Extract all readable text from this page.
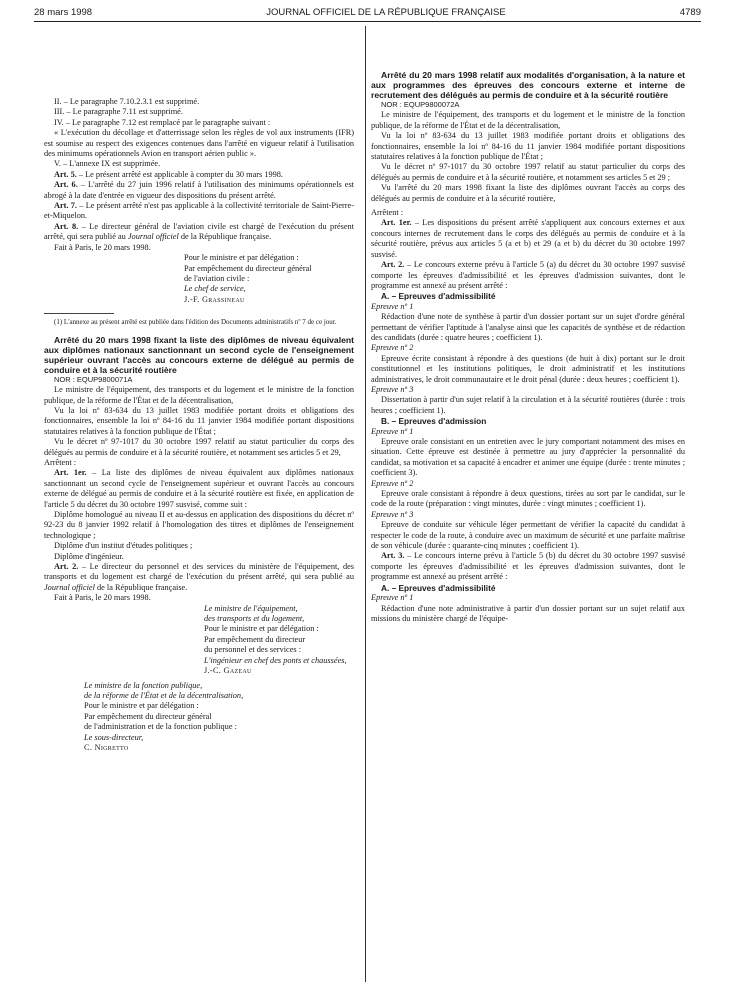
28 mars 1998	JOURNAL OFFICIEL DE LA RÉPUBLIQUE FRANÇAISE	4789

II. – Le paragraphe 7.10.2.3.1 est supprimé.

III. – Le paragraphe 7.11 est supprimé.

IV. – Le paragraphe 7.12 est remplacé par le paragraphe suivant :

« L'exécution du décollage et d'atterrissage selon les règles de vol aux instruments (IFR) est soumise au respect des exigences contenues dans l'arrêté en vigueur relatif à l'utilisation des minimums opérationnels Avion en transport aérien public ».

V. – L'annexe IX est supprimée.

Art. 5. – Le présent arrêté est applicable à compter du 30 mars 1998.

Art. 6. – L'arrêté du 27 juin 1996 relatif à l'utilisation des minimums opérationnels est abrogé à la date d'entrée en vigueur des dispositions du présent arrêté.

Art. 7. – Le présent arrêté n'est pas applicable à la collectivité territoriale de Saint-Pierre-et-Miquelon.

Art. 8. – Le directeur général de l'aviation civile est chargé de l'exécution du présent arrêté, qui sera publié au Journal officiel de la République française.

Fait à Paris, le 20 mars 1998.

Pour le ministre et par délégation :

Par empêchement du directeur général

de l'aviation civile :

Le chef de service,

J.-F. Grassineau

(1) L'annexe au présent arrêté est publiée dans l'édition des Documents administratifs nº 7 de ce jour.

Arrêté du 20 mars 1998 fixant la liste des diplômes de niveau équivalent aux diplômes nationaux sanctionnant un second cycle de l'enseignement supérieur ouvrant l'accès au concours externe de délégué au permis de conduire et à la sécurité routière

NOR : EQUP9800071A

Le ministre de l'équipement, des transports et du logement et le ministre de la fonction publique, de la réforme de l'État et de la décentralisation,

Vu la loi nº 83-634 du 13 juillet 1983 modifiée portant droits et obligations des fonctionnaires, ensemble la loi nº 84-16 du 11 janvier 1984 modifiée portant dispositions statutaires relatives à la fonction publique de l'État ;

Vu le décret nº 97-1017 du 30 octobre 1997 relatif au statut particulier du corps des délégués au permis de conduire et à la sécurité routière, et notamment ses articles 5 et 29,

Arrêtent :

Art. 1er. – La liste des diplômes de niveau équivalent aux diplômes nationaux sanctionnant un second cycle de l'enseignement supérieur et ouvrant l'accès au concours externe de délégué au permis de conduire et à la sécurité routière est fixée, en application de l'article 5 du décret du 30 octobre 1997 susvisé, comme suit :

Diplôme homologué au niveau II et au-dessus en application des dispositions du décret nº 92-23 du 8 janvier 1992 relatif à l'homologation des titres et diplômes de l'enseignement technologique ;

Diplôme d'un institut d'études politiques ;

Diplôme d'ingénieur.

Art. 2. – Le directeur du personnel et des services du ministère de l'équipement, des transports et du logement est chargé de l'exécution du présent arrêté, qui sera publié au Journal officiel de la République française.

Fait à Paris, le 20 mars 1998.

Le ministre de l'équipement,

des transports et du logement,

Pour le ministre et par délégation :

Par empêchement du directeur

du personnel et des services :

L'ingénieur en chef des ponts et chaussées,

J.-C. Gazeau

Le ministre de la fonction publique,

de la réforme de l'État et de la décentralisation,

Pour le ministre et par délégation :

Par empêchement du directeur général

de l'administration et de la fonction publique :

Le sous-directeur,

C. Nigretto

Arrêté du 20 mars 1998 relatif aux modalités d'organisation, à la nature et aux programmes des épreuves des concours externe et interne de recrutement des délégués au permis de conduire et à la sécurité routière

NOR : EQUP9800072A

Le ministre de l'équipement, des transports et du logement et le ministre de la fonction publique, de la réforme de l'État et de la décentralisation,

Vu la loi nº 83-634 du 13 juillet 1983 modifiée portant droits et obligations des fonctionnaires, ensemble la loi nº 84-16 du 11 janvier 1984 modifiée portant dispositions statutaires relatives à la fonction publique de l'État ;

Vu le décret nº 97-1017 du 30 octobre 1997 relatif au statut particulier du corps des délégués au permis de conduire et à la sécurité routière, et notamment ses articles 5 et 29 ;

Vu l'arrêté du 20 mars 1998 fixant la liste des diplômes ouvrant l'accès au corps des délégués au permis de conduire et à la sécurité routière,

Arrêtent :

Art. 1er. – Les dispositions du présent arrêté s'appliquent aux concours externes et aux concours internes de recrutement dans le corps des délégués au permis de conduire et à la sécurité routière, prévus aux articles 5 (a et b) et 29 (a et b) du décret du 30 octobre 1997 susvisé.

Art. 2. – Le concours externe prévu à l'article 5 (a) du décret du 30 octobre 1997 susvisé comporte les épreuves d'admissibilité et les épreuves d'admission suivantes, dont le programme est annexé au présent arrêté :

A. – Epreuves d'admissibilité

Epreuve nº 1

Rédaction d'une note de synthèse à partir d'un dossier portant sur un sujet d'ordre général permettant de vérifier l'aptitude à l'analyse ainsi que les capacités de synthèse et de rédaction des candidats (durée : quatre heures ; coefficient 1).

Epreuve nº 2

Epreuve écrite consistant à répondre à des questions (de huit à dix) portant sur le droit constitutionnel et les institutions politiques, le droit administratif et les institutions administratives, le droit communautaire et le droit pénal (durée : deux heures ; coefficient 1).

Epreuve nº 3

Dissertation à partir d'un sujet relatif à la circulation et à la sécurité routières (durée : trois heures ; coefficient 1).

B. – Epreuves d'admission

Epreuve nº 1

Epreuve orale consistant en un entretien avec le jury comportant notamment des mises en situation. Cette épreuve est destinée à permettre au jury d'apprécier la personnalité du candidat, sa motivation et sa capacité à encadrer et animer une équipe (durée : trente minutes ; coefficient 3).

Epreuve nº 2

Epreuve orale consistant à répondre à deux questions, tirées au sort par le candidat, sur le code de la route (préparation : vingt minutes, durée : vingt minutes ; coefficient 1).

Epreuve nº 3

Epreuve de conduite sur véhicule léger permettant de vérifier la capacité du candidat à respecter le code de la route, à conduire avec un maximum de sécurité et une parfaite maîtrise de son véhicule (durée : quarante-cinq minutes ; coefficient 1).

Art. 3. – Le concours interne prévu à l'article 5 (b) du décret du 30 octobre 1997 susvisé comporte les épreuves d'admissibilité et les épreuves d'admission suivantes, dont le programme est annexé au présent arrêté :

A. – Epreuves d'admissibilité

Epreuve nº 1

Rédaction d'une note administrative à partir d'un dossier portant sur un sujet relatif aux missions du ministère chargé de l'équipe-
